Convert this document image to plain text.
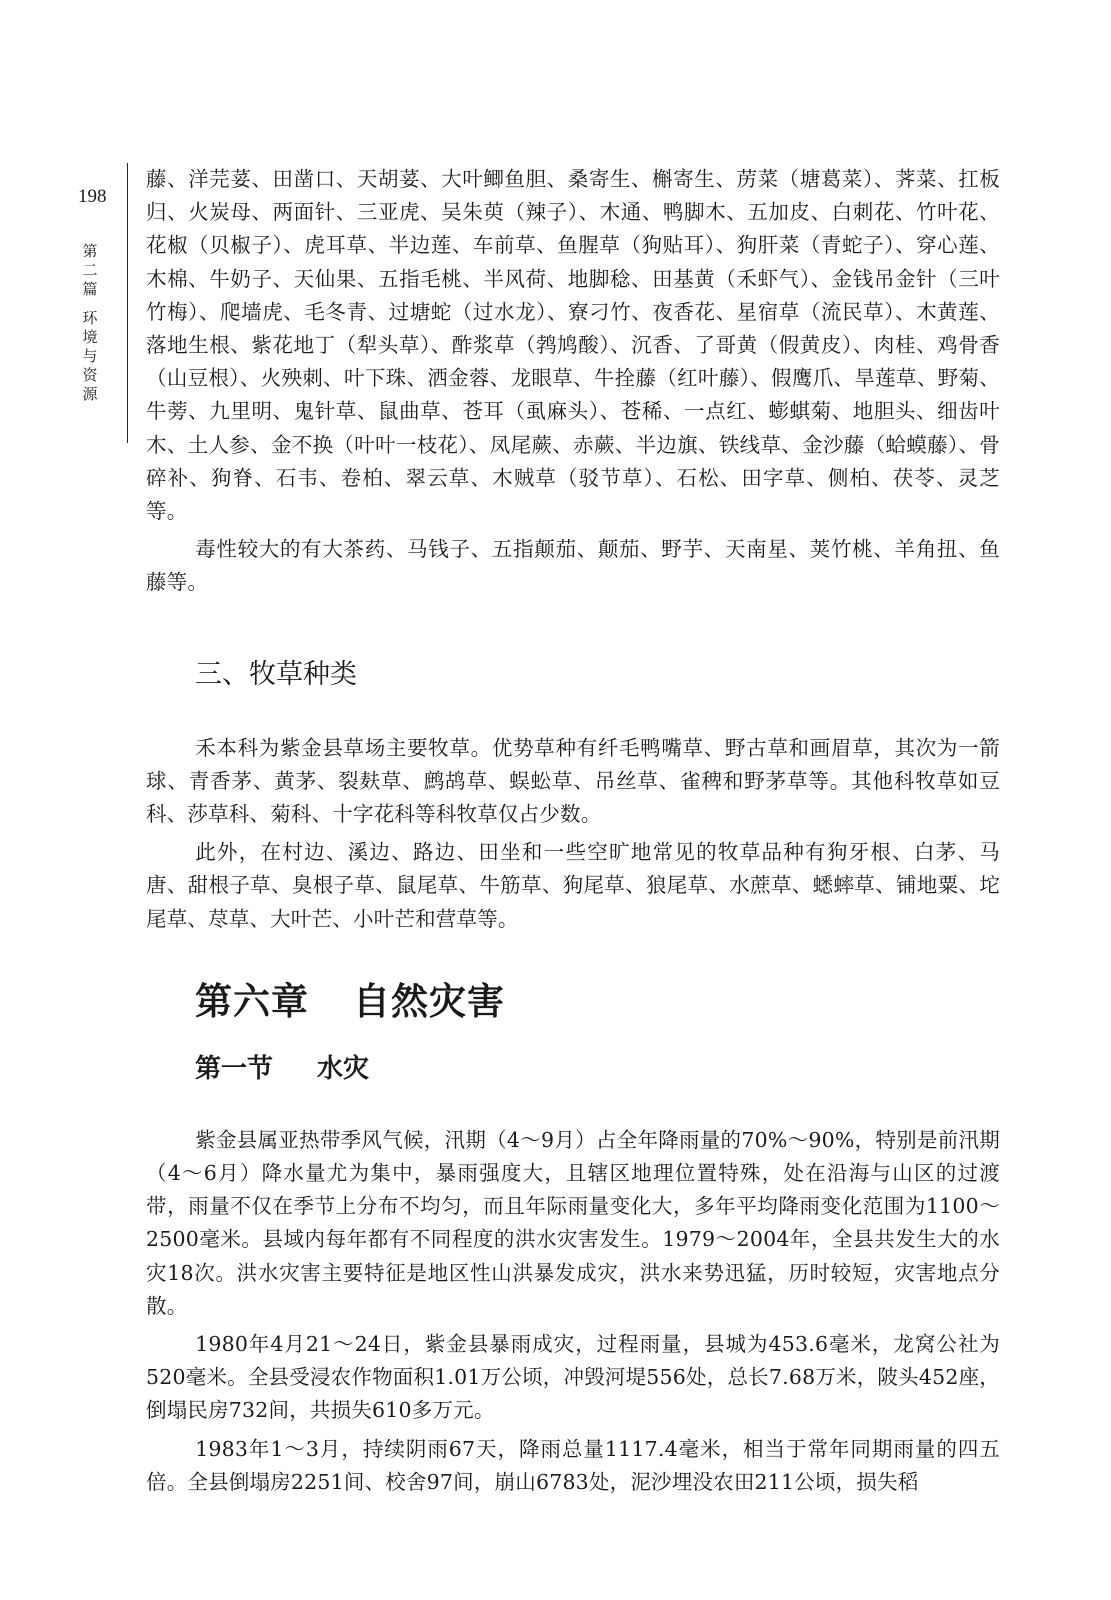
198
第
二
篇
环
境
与
资
源

藤、洋芫荽、田凿口、天胡荽、大叶鲫鱼胆、桑寄生、槲寄生、苈菜（塘葛菜）、荠菜、扛板归、火炭母、两面针、三亚虎、吴朱萸（辣子）、木通、鸭脚木、五加皮、白刺花、竹叶花、花椒（贝椒子）、虎耳草、半边莲、车前草、鱼腥草（狗贴耳）、狗肝菜（青蛇子）、穿心莲、木棉、牛奶子、天仙果、五指毛桃、半风荷、地脚稔、田基黄（禾虾气）、金钱吊金针（三叶竹梅）、爬墙虎、毛冬青、过塘蛇（过水龙）、寮刁竹、夜香花、星宿草（流民草）、木黄莲、落地生根、紫花地丁（犁头草）、酢浆草（鹁鸠酸）、沉香、了哥黄（假黄皮）、肉桂、鸡骨香（山豆根）、火殃刺、叶下珠、洒金蓉、龙眼草、牛拴藤（红叶藤）、假鹰爪、旱莲草、野菊、牛蒡、九里明、鬼针草、鼠曲草、苍耳（虱麻头）、苍稀、一点红、蟛蜞菊、地胆头、细齿叶木、土人参、金不换（叶叶一枝花）、凤尾蕨、赤蕨、半边旗、铁线草、金沙藤（蛤蟆藤）、骨碎补、狗脊、石韦、卷柏、翠云草、木贼草（驳节草）、石松、田字草、侧柏、茯苓、灵芝等。

毒性较大的有大茶药、马钱子、五指颠茄、颠茄、野芋、天南星、荚竹桃、羊角扭、鱼藤等。

三、牧草种类

禾本科为紫金县草场主要牧草。优势草种有纤毛鸭嘴草、野古草和画眉草，其次为一箭球、青香茅、黄茅、裂麸草、鹧鸪草、蜈蚣草、吊丝草、雀稗和野茅草等。其他科牧草如豆科、莎草科、菊科、十字花科等科牧草仅占少数。

此外，在村边、溪边、路边、田坐和一些空旷地常见的牧草品种有狗牙根、白茅、马唐、甜根子草、臭根子草、鼠尾草、牛筋草、狗尾草、狼尾草、水蔗草、蟋蟀草、铺地粟、坨尾草、荩草、大叶芒、小叶芒和营草等。

第六章 自然灾害
第一节 水灾

紫金县属亚热带季风气候，汛期（4～9月）占全年降雨量的70%～90%，特别是前汛期（4～6月）降水量尤为集中，暴雨强度大，且辖区地理位置特殊，处在沿海与山区的过渡带，雨量不仅在季节上分布不均匀，而且年际雨量变化大，多年平均降雨变化范围为1100～2500毫米。县域内每年都有不同程度的洪水灾害发生。1979～2004年，全县共发生大的水灾18次。洪水灾害主要特征是地区性山洪暴发成灾，洪水来势迅猛，历时较短，灾害地点分散。

1980年4月21～24日，紫金县暴雨成灾，过程雨量，县城为453.6毫米，龙窝公社为520毫米。全县受浸农作物面积1.01万公顷，冲毁河堤556处，总长7.68万米，陂头452座，倒塌民房732间，共损失610多万元。

1983年1～3月，持续阴雨67天，降雨总量1117.4毫米，相当于常年同期雨量的四五倍。全县倒塌房2251间、校舍97间，崩山6783处，泥沙埋没农田211公顷，损失稻
